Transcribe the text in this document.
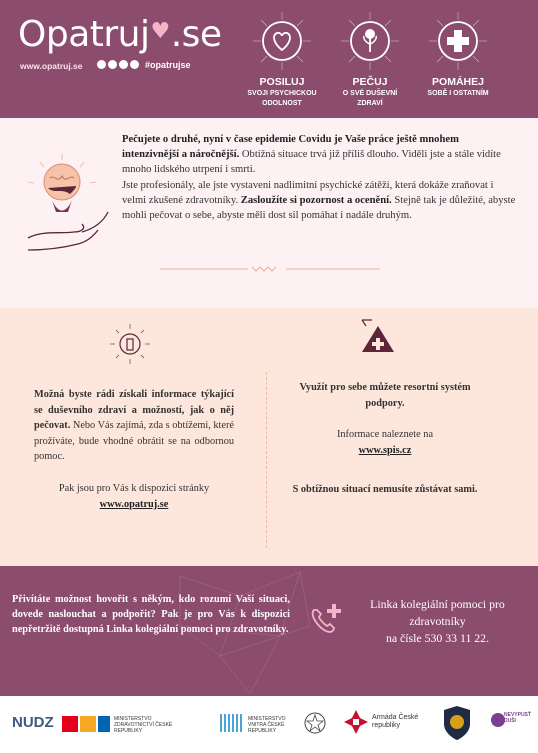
Opatruj♥.se
www.opatruj.se	#opatrujse
POSILUJ
SVOJI PSYCHICKOU
ODOLNOST
PEČUJ
O SVÉ DUŠEVNÍ
ZDRAVÍ
POMÁHEJ
SOBĚ I OSTATNÍM
Pečujete o druhé, nyní v čase epidemie Covidu je Vaše práce ještě mnohem intenzivnější a náročnější. Obtížná situace trvá již příliš dlouho. Viděli jste a stále vidíte mnoho lidského utrpení i smrti.
Jste profesionály, ale jste vystaveni nadlimitní psychické zátěži, která dokáže zraňovat i velmi zkušené zdravotníky. Zasloužíte si pozornost a ocenění. Stejně tak je důležité, abyste mohli pečovat o sebe, abyste měli dost sil pomáhat i nadále druhým.
Možná byste rádi získali informace týkající se duševního zdraví a možností, jak o něj pečovat. Nebo Vás zajímá, zda s obtížemi, které prožíváte, bude vhodné obrátit se na odbornou pomoc.
Pak jsou pro Vás k dispozici stránky
www.opatruj.se
Využít pro sebe můžete resortní systém podpory.
Informace naleznete na
www.spis.cz
S obtížnou situací nemusíte zůstávat sami.
Přivítáte možnost hovořit s někým, kdo rozumí Vaší situaci, dovede naslouchat a podpořit? Pak je pro Vás k dispozici nepřetržitě dostupná Linka kolegiální pomoci pro zdravotníky.
Linka kolegiální pomoci pro zdravotníky
na čísle 530 33 11 22.
NUDZ	MINISTERSTVO ZDRAVOTNICTVÍ ČESKÉ REPUBLIKY
MINISTERSTVO VNITRA ČESKÉ REPUBLIKY
Armáda České republiky
NEVYPUSŤ DUŠI
